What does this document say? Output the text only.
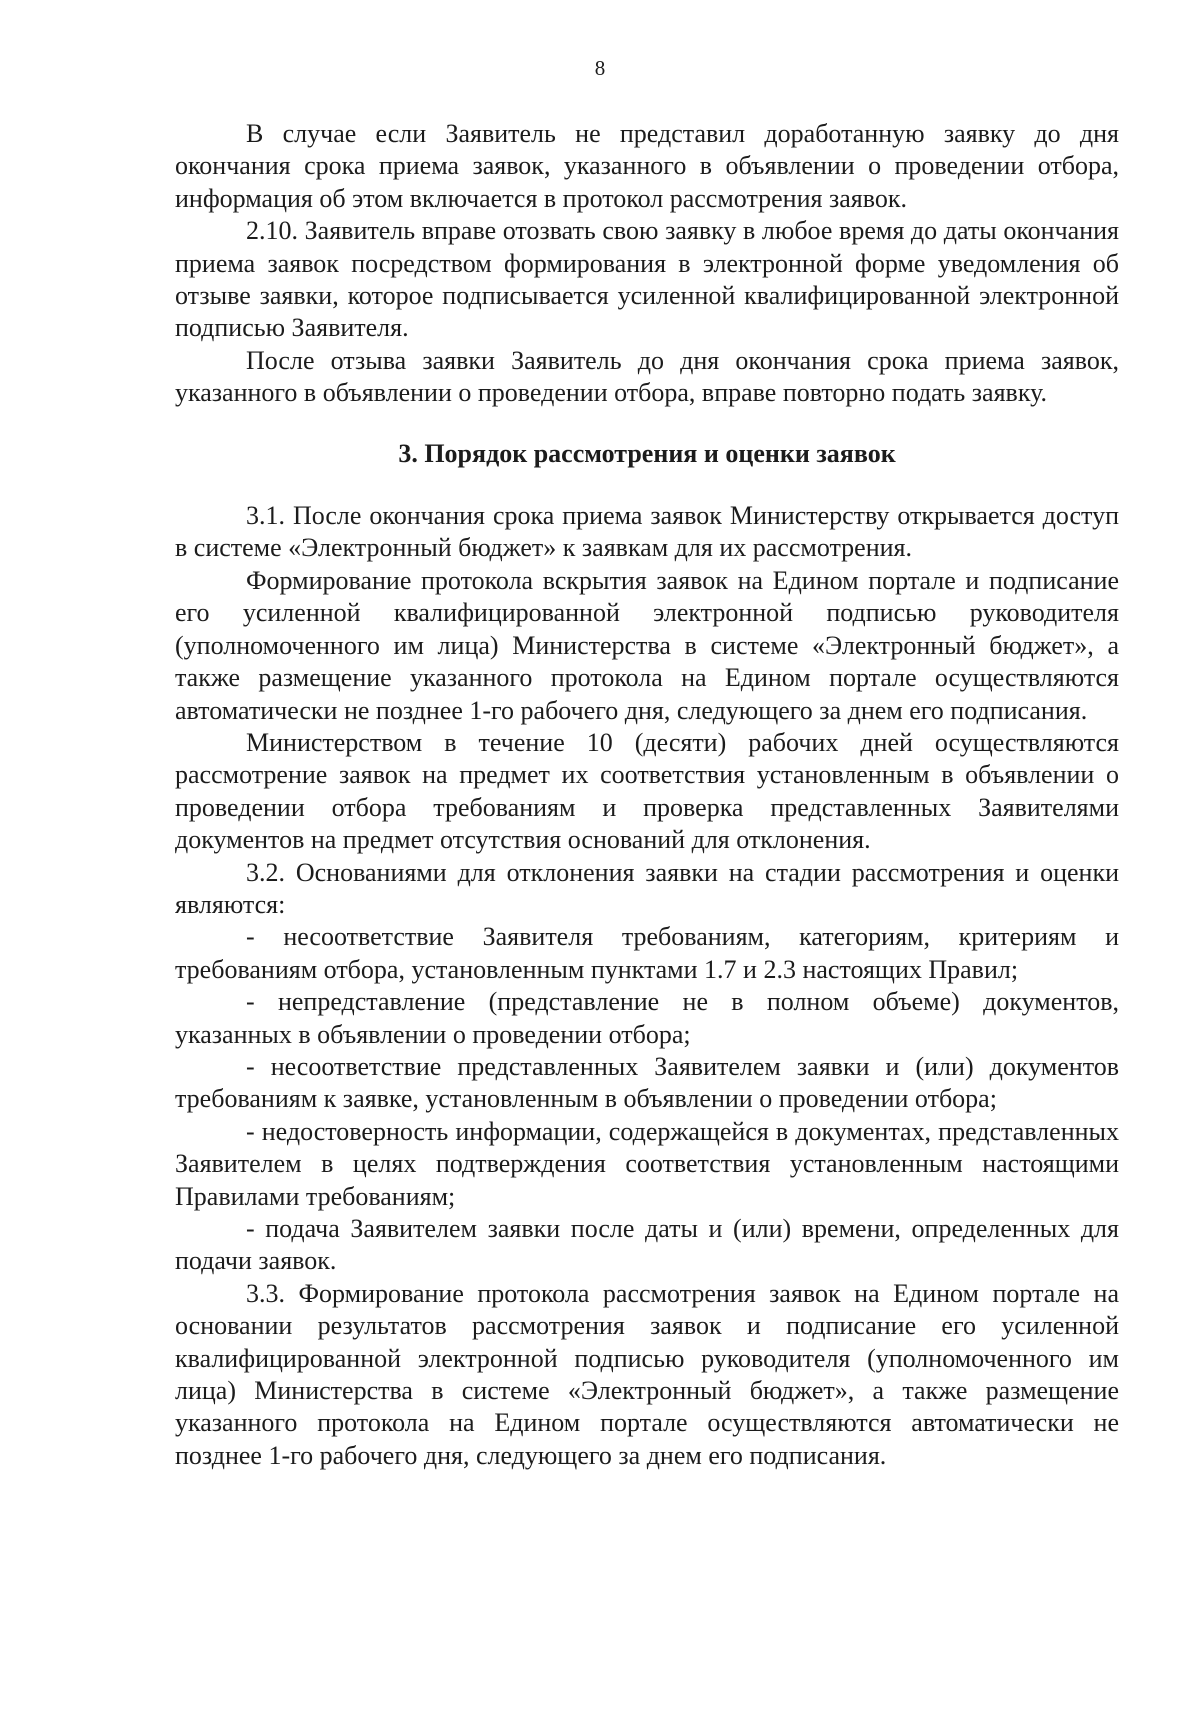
8

В случае если Заявитель не представил доработанную заявку до дня окончания срока приема заявок, указанного в объявлении о проведении отбора, информация об этом включается в протокол рассмотрения заявок.

2.10. Заявитель вправе отозвать свою заявку в любое время до даты окончания приема заявок посредством формирования в электронной форме уведомления об отзыве заявки, которое подписывается усиленной квалифицированной электронной подписью Заявителя.

После отзыва заявки Заявитель до дня окончания срока приема заявок, указанного в объявлении о проведении отбора, вправе повторно подать заявку.

3. Порядок рассмотрения и оценки заявок

3.1. После окончания срока приема заявок Министерству открывается доступ в системе «Электронный бюджет» к заявкам для их рассмотрения.

Формирование протокола вскрытия заявок на Едином портале и подписание его усиленной квалифицированной электронной подписью руководителя (уполномоченного им лица) Министерства в системе «Электронный бюджет», а также размещение указанного протокола на Едином портале осуществляются автоматически не позднее 1-го рабочего дня, следующего за днем его подписания.

Министерством в течение 10 (десяти) рабочих дней осуществляются рассмотрение заявок на предмет их соответствия установленным в объявлении о проведении отбора требованиям и проверка представленных Заявителями документов на предмет отсутствия оснований для отклонения.

3.2. Основаниями для отклонения заявки на стадии рассмотрения и оценки являются:

- несоответствие Заявителя требованиям, категориям, критериям и требованиям отбора, установленным пунктами 1.7 и 2.3 настоящих Правил;

- непредставление (представление не в полном объеме) документов, указанных в объявлении о проведении отбора;

- несоответствие представленных Заявителем заявки и (или) документов требованиям к заявке, установленным в объявлении о проведении отбора;

- недостоверность информации, содержащейся в документах, представленных Заявителем в целях подтверждения соответствия установленным настоящими Правилами требованиям;

- подача Заявителем заявки после даты и (или) времени, определенных для подачи заявок.

3.3. Формирование протокола рассмотрения заявок на Едином портале на основании результатов рассмотрения заявок и подписание его усиленной квалифицированной электронной подписью руководителя (уполномоченного им лица) Министерства в системе «Электронный бюджет», а также размещение указанного протокола на Едином портале осуществляются автоматически не позднее 1-го рабочего дня, следующего за днем его подписания.
